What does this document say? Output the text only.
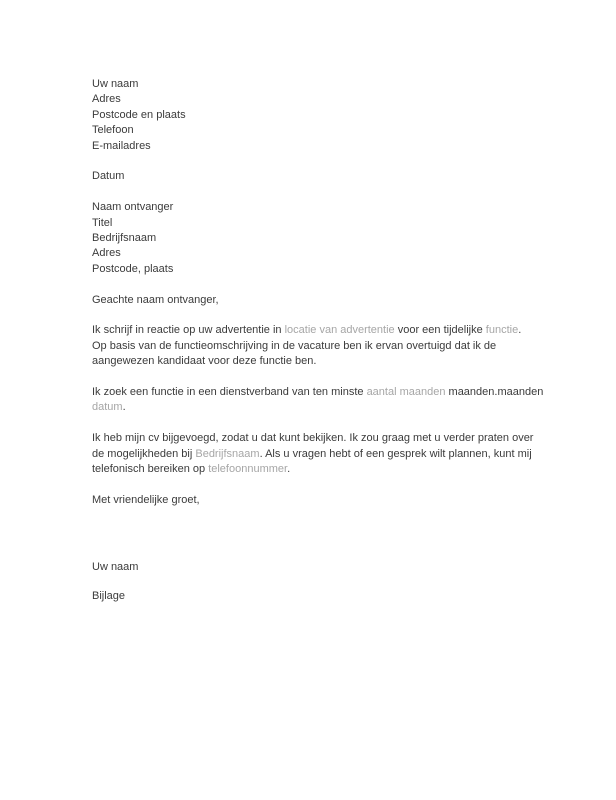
Uw naam
Adres
Postcode en plaats
Telefoon
E-mailadres
Datum
Naam ontvanger
Titel
Bedrijfsnaam
Adres
Postcode, plaats
Geachte naam ontvanger,
Ik schrijf in reactie op uw advertentie in locatie van advertentie voor een tijdelijke functie.
Op basis van de functieomschrijving in de vacature ben ik ervan overtuigd dat ik de
aangewezen kandidaat voor deze functie ben.
Ik zoek een functie in een dienstverband van ten minste aantal maanden maanden.maanden
datum.
Ik heb mijn cv bijgevoegd, zodat u dat kunt bekijken. Ik zou graag met u verder praten over
de mogelijkheden bij Bedrijfsnaam. Als u vragen hebt of een gesprek wilt plannen, kunt mij
telefonisch bereiken op telefoonnummer.
Met vriendelijke groet,
Uw naam
Bijlage
